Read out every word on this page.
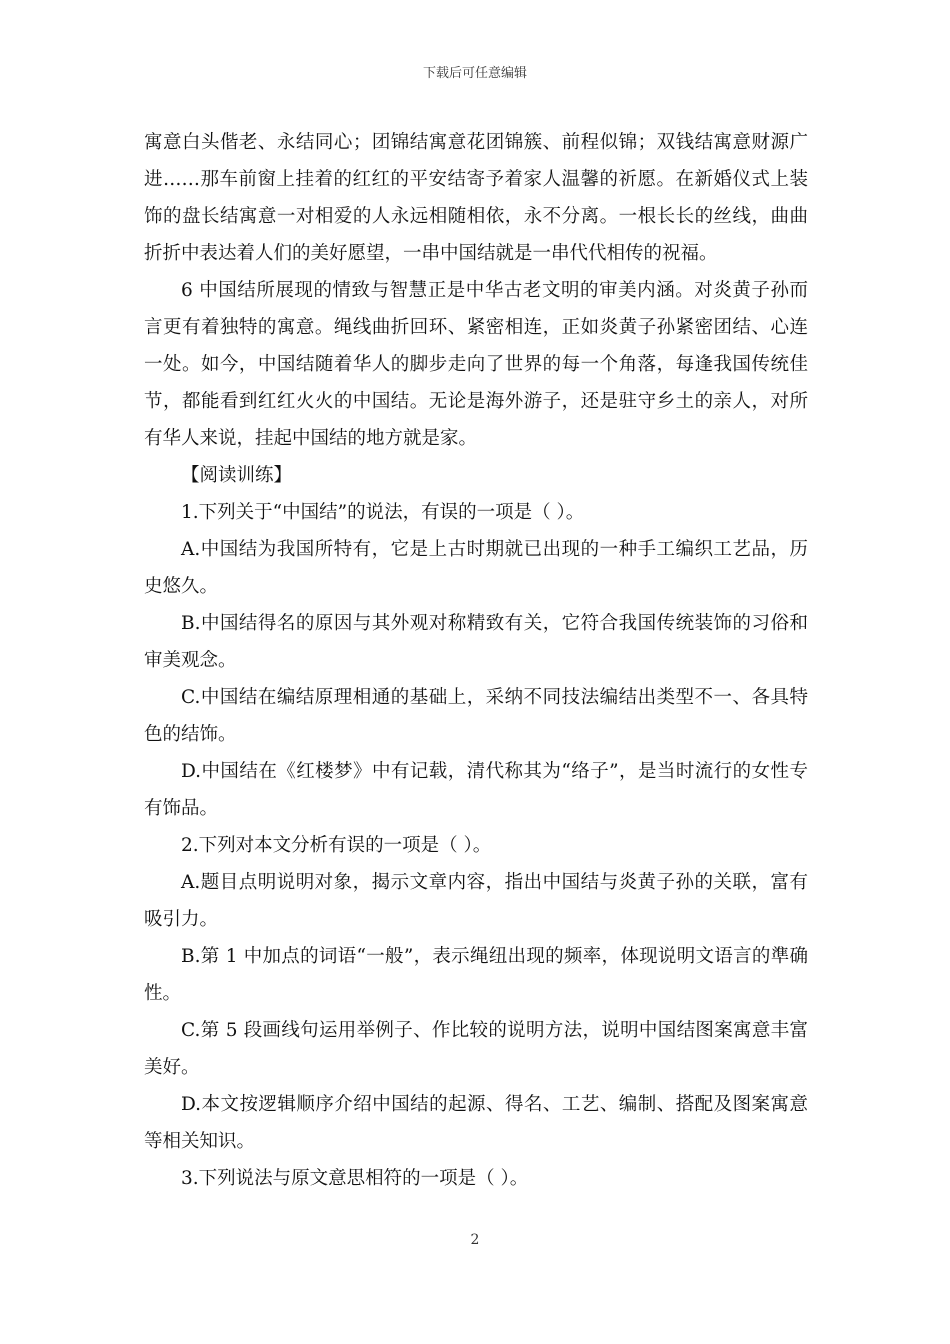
下载后可任意编辑

寓意白头偕老、永结同心；团锦结寓意花团锦簇、前程似锦；双钱结寓意财源广进……那车前窗上挂着的红红的平安结寄予着家人温馨的祈愿。在新婚仪式上装饰的盘长结寓意一对相爱的人永远相随相依，永不分离。一根长长的丝线，曲曲折折中表达着人们的美好愿望，一串中国结就是一串代代相传的祝福。

6 中国结所展现的情致与智慧正是中华古老文明的审美内涵。对炎黄子孙而言更有着独特的寓意。绳线曲折回环、紧密相连，正如炎黄子孙紧密团结、心连一处。如今，中国结随着华人的脚步走向了世界的每一个角落，每逢我国传统佳节，都能看到红红火火的中国结。无论是海外游子，还是驻守乡土的亲人，对所有华人来说，挂起中国结的地方就是家。

【阅读训练】

1.下列关于“中国结”的说法，有误的一项是（ ）。

A.中国结为我国所特有，它是上古时期就已出现的一种手工编织工艺品，历史悠久。

B.中国结得名的原因与其外观对称精致有关，它符合我国传统装饰的习俗和审美观念。

C.中国结在编结原理相通的基础上，采纳不同技法编结出类型不一、各具特色的结饰。

D.中国结在《红楼梦》中有记载，清代称其为“络子”，是当时流行的女性专有饰品。

2.下列对本文分析有误的一项是（ ）。

A.题目点明说明对象，揭示文章内容，指出中国结与炎黄子孙的关联，富有吸引力。

B.第 1 中加点的词语“一般”，表示绳纽出现的频率，体现说明文语言的準确性。

C.第 5 段画线句运用举例子、作比较的说明方法，说明中国结图案寓意丰富美好。

D.本文按逻辑顺序介绍中国结的起源、得名、工艺、编制、搭配及图案寓意等相关知识。

3.下列说法与原文意思相符的一项是（ ）。

2
